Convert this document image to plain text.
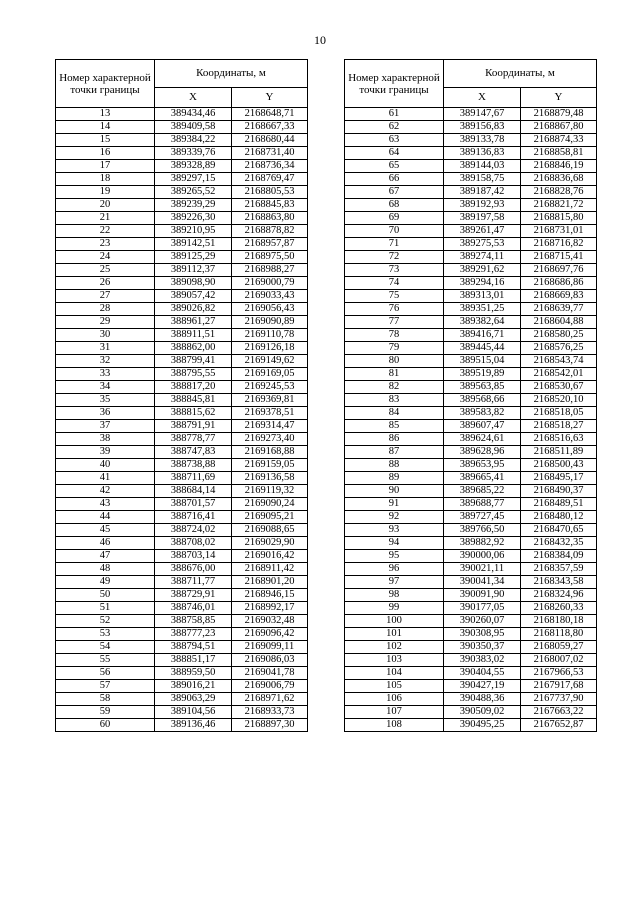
10
Номер характерной точки границы	Координаты, м	
	X	Y
13	389434,46	2168648,71
14	389409,58	2168667,33
15	389384,22	2168680,44
16	389339,76	2168731,40
17	389328,89	2168736,34
18	389297,15	2168769,47
19	389265,52	2168805,53
20	389239,29	2168845,83
21	389226,30	2168863,80
22	389210,95	2168878,82
23	389142,51	2168957,87
24	389125,29	2168975,50
25	389112,37	2168988,27
26	389098,90	2169000,79
27	389057,42	2169033,43
28	389026,82	2169056,43
29	388961,27	2169090,89
30	388911,51	2169110,78
31	388862,00	2169126,18
32	388799,41	2169149,62
33	388795,55	2169169,05
34	388817,20	2169245,53
35	388845,81	2169369,81
36	388815,62	2169378,51
37	388791,91	2169314,47
38	388778,77	2169273,40
39	388747,83	2169168,88
40	388738,88	2169159,05
41	388711,69	2169136,58
42	388684,14	2169119,32
43	388701,57	2169090,24
44	388716,41	2169095,21
45	388724,02	2169088,65
46	388708,02	2169029,90
47	388703,14	2169016,42
48	388676,00	2168911,42
49	388711,77	2168901,20
50	388729,91	2168946,15
51	388746,01	2168992,17
52	388758,85	2169032,48
53	388777,23	2169096,42
54	388794,51	2169099,11
55	388851,17	2169086,03
56	388959,50	2169041,78
57	389016,21	2169006,79
58	389063,29	2168971,62
59	389104,56	2168933,73
60	389136,46	2168897,30
Номер характерной точки границы	Координаты, м	
	X	Y
61	389147,67	2168879,48
62	389156,83	2168867,80
63	389133,78	2168874,33
64	389136,83	2168858,81
65	389144,03	2168846,19
66	389158,75	2168836,68
67	389187,42	2168828,76
68	389192,93	2168821,72
69	389197,58	2168815,80
70	389261,47	2168731,01
71	389275,53	2168716,82
72	389274,11	2168715,41
73	389291,62	2168697,76
74	389294,16	2168686,86
75	389313,01	2168669,83
76	389351,25	2168639,77
77	389382,64	2168604,88
78	389416,71	2168580,25
79	389445,44	2168576,25
80	389515,04	2168543,74
81	389519,89	2168542,01
82	389563,85	2168530,67
83	389568,66	2168520,10
84	389583,82	2168518,05
85	389607,47	2168518,27
86	389624,61	2168516,63
87	389628,96	2168511,89
88	389653,95	2168500,43
89	389665,41	2168495,17
90	389685,22	2168490,37
91	389688,77	2168489,51
92	389727,45	2168480,12
93	389766,50	2168470,65
94	389882,92	2168432,35
95	390000,06	2168384,09
96	390021,11	2168357,59
97	390041,34	2168343,58
98	390091,90	2168324,96
99	390177,05	2168260,33
100	390260,07	2168180,18
101	390308,95	2168118,80
102	390350,37	2168059,27
103	390383,02	2168007,02
104	390404,55	2167966,53
105	390427,19	2167917,68
106	390488,36	2167737,90
107	390509,02	2167663,22
108	390495,25	2167652,87
